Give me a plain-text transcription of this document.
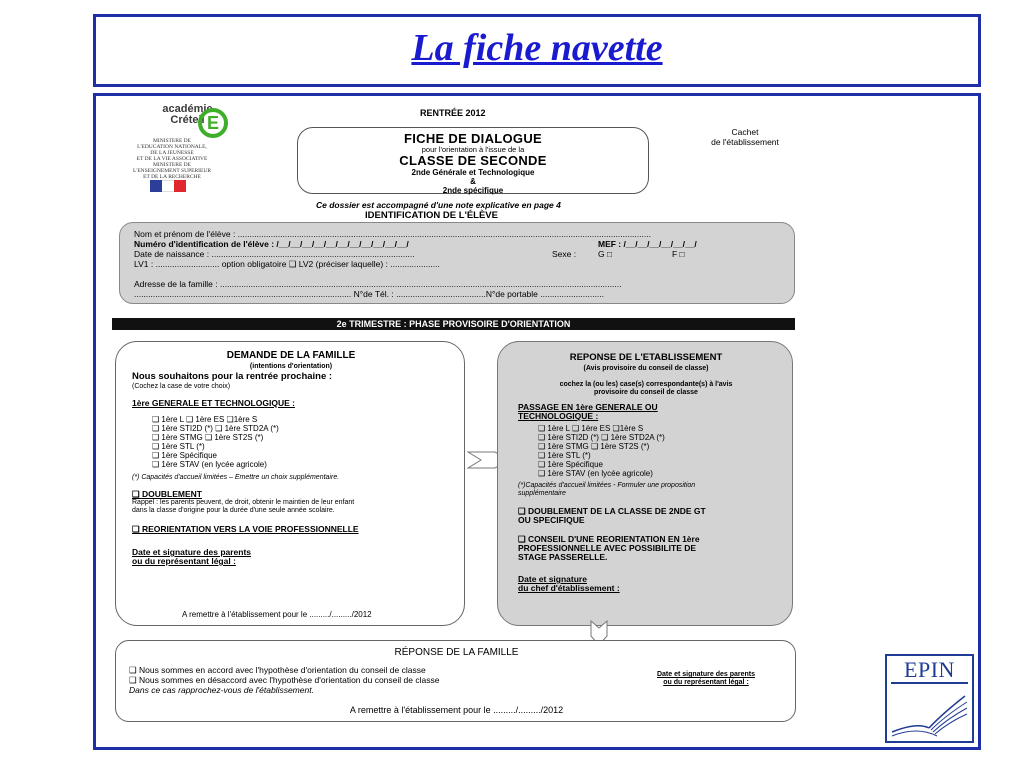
La fiche navette
académie
Créteil E
MINISTERE DE
L'EDUCATION NATIONALE,
DE LA JEUNESSE
ET DE LA VIE ASSOCIATIVE
MINISTERE DE
L'ENSEIGNEMENT SUPERIEUR
ET DE LA RECHERCHE
RENTRÉE 2012
Cachet
de l'établissement
FICHE DE DIALOGUE
pour l'orientation à l'issue de la
CLASSE DE SECONDE
2nde Générale et Technologique
&
2nde spécifique
Ce dossier est accompagné d'une note explicative en page 4
IDENTIFICATION DE L'ÉLÈVE
Nom et prénom de l'élève : ...............................................................................................................................................................................
Numéro d'identification de l'élève : /__/__/__/__/__/__/__/__/__/__/__/	MEF : /__/__/__/__/__/__/
Date de naissance : ......................................................................................	Sexe :	G □	F □
LV1 : ........................... option obligatoire ❑ LV2 (préciser laquelle) : .....................
Adresse de la famille : ..........................................................................................................................................................................
............................................................................................ N°de Tél. : ......................................N°de portable ...........................
2e TRIMESTRE : PHASE PROVISOIRE D'ORIENTATION
DEMANDE DE LA FAMILLE
(intentions d'orientation)
Nous souhaitons pour la rentrée prochaine :
(Cochez la case de votre choix)
1ère GENERALE ET TECHNOLOGIQUE :
❑ 1ère L ❑ 1ère ES ❑1ère S
❑ 1ère STI2D (*) ❑ 1ère STD2A (*)
❑ 1ère STMG ❑ 1ère ST2S (*)
❑ 1ère STL (*)
❑ 1ère Spécifique
❑ 1ère STAV (en lycée agricole)
(*) Capacités d'accueil limitées – Emettre un choix supplémentaire.
❑ DOUBLEMENT
Rappel : les parents peuvent, de droit, obtenir le maintien de leur enfant
dans la classe d'origine pour la durée d'une seule année scolaire.
❑ REORIENTATION VERS LA VOIE PROFESSIONNELLE
Date et signature des parents
ou du représentant légal :
A remettre à l'établissement pour le ........./........./2012
REPONSE DE L'ETABLISSEMENT
(Avis provisoire du conseil de classe)
cochez la (ou les) case(s) correspondante(s) à l'avis
provisoire du conseil de classe
PASSAGE EN 1ère GENERALE OU
TECHNOLOGIQUE :
❑ 1ère L ❑ 1ère ES ❑1ère S
❑ 1ère STI2D (*) ❑ 1ère STD2A (*)
❑ 1ère STMG ❑ 1ère ST2S (*)
❑ 1ère STL (*)
❑ 1ère Spécifique
❑ 1ère STAV (en lycée agricole)
(*)Capacités d'accueil limitées - Formuler une proposition
supplémentaire
❑ DOUBLEMENT DE LA CLASSE DE 2NDE GT
OU SPECIFIQUE
❑ CONSEIL D'UNE REORIENTATION EN 1ère
PROFESSIONNELLE AVEC POSSIBILITE DE
STAGE PASSERELLE.
Date et signature
du chef d'établissement :
RÉPONSE DE LA FAMILLE
❑ Nous sommes en accord avec l'hypothèse d'orientation du conseil de classe
❑ Nous sommes en désaccord avec l'hypothèse d'orientation du conseil de classe
Dans ce cas rapprochez-vous de l'établissement.
Date et signature des parents
ou du représentant légal :
A remettre à l'établissement pour le ........./........./2012
EPIN
